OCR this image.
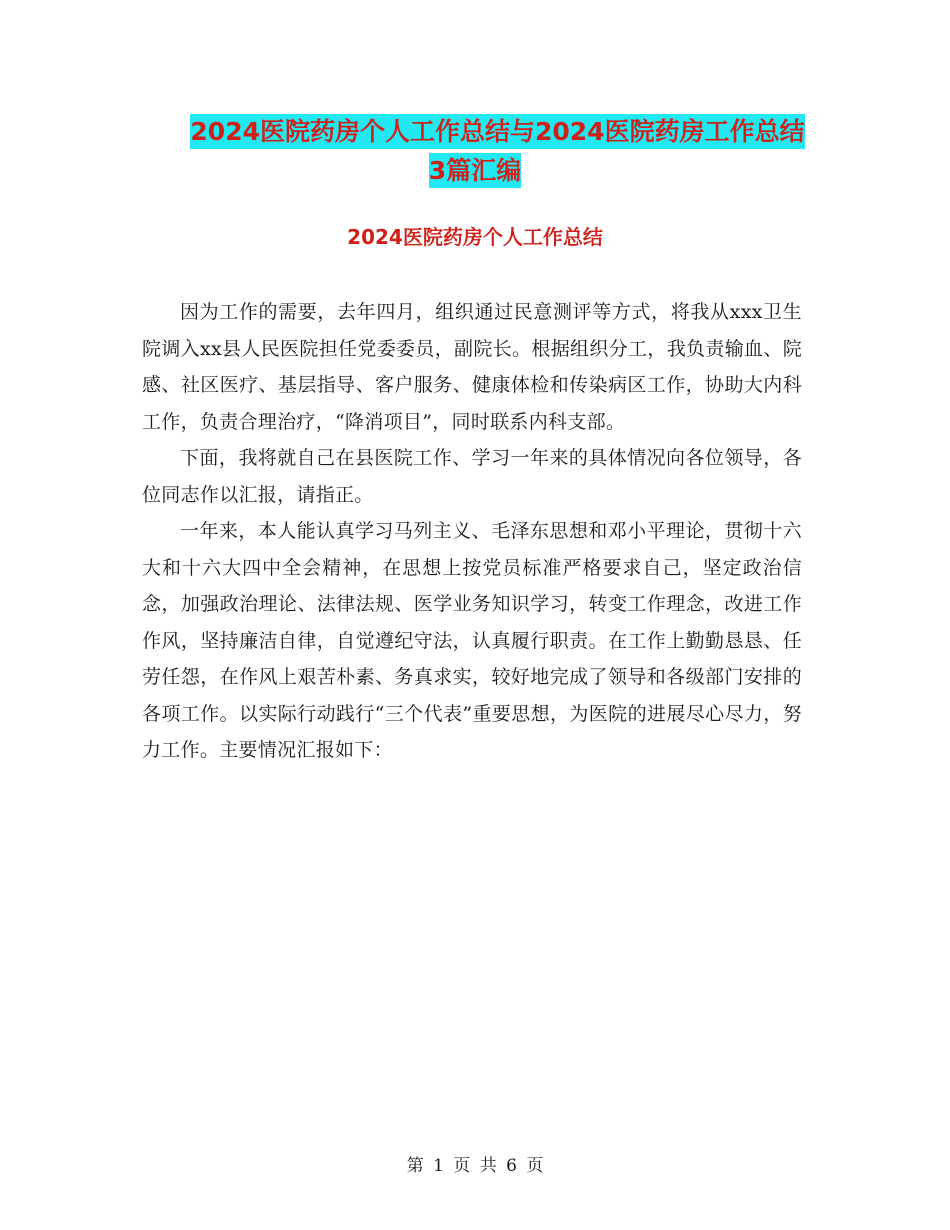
2024医院药房个人工作总结与2024医院药房工作总结
3篇汇编
2024医院药房个人工作总结

因为工作的需要，去年四月，组织通过民意测评等方式，将我从xxx卫生院调入xx县人民医院担任党委委员，副院长。根据组织分工，我负责输血、院感、社区医疗、基层指导、客户服务、健康体检和传染病区工作，协助大内科工作，负责合理治疗，“降消项目”，同时联系内科支部。

下面，我将就自己在县医院工作、学习一年来的具体情况向各位领导，各位同志作以汇报，请指正。

一年来，本人能认真学习马列主义、毛泽东思想和邓小平理论，贯彻十六大和十六大四中全会精神，在思想上按党员标准严格要求自己，坚定政治信念，加强政治理论、法律法规、医学业务知识学习，转变工作理念，改进工作作风，坚持廉洁自律，自觉遵纪守法，认真履行职责。在工作上勤勤恳恳、任劳任怨，在作风上艰苦朴素、务真求实，较好地完成了领导和各级部门安排的各项工作。以实际行动践行“三个代表”重要思想，为医院的进展尽心尽力，努力工作。主要情况汇报如下：

第 1 页 共 6 页
